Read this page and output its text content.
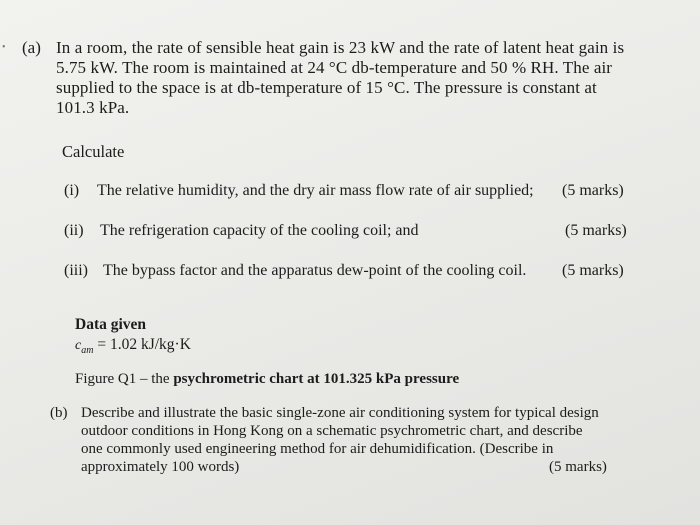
• (a) In a room, the rate of sensible heat gain is 23 kW and the rate of latent heat gain is
5.75 kW. The room is maintained at 24 °C db-temperature and 50 % RH. The air
supplied to the space is at db-temperature of 15 °C. The pressure is constant at
101.3 kPa.
Calculate
(i) The relative humidity, and the dry air mass flow rate of air supplied; (5 marks)
(ii) The refrigeration capacity of the cooling coil; and	(5 marks)
(iii) The bypass factor and the apparatus dew-point of the cooling coil. (5 marks)
Data given
$c_{am} = 1.02$ kJ/kg·K
Figure Q1 – the psychrometric chart at 101.325 kPa pressure
(b) Describe and illustrate the basic single-zone air conditioning system for typical design
outdoor conditions in Hong Kong on a schematic psychrometric chart, and describe
one commonly used engineering method for air dehumidification. (Describe in
approximately 100 words)	(5 marks)
